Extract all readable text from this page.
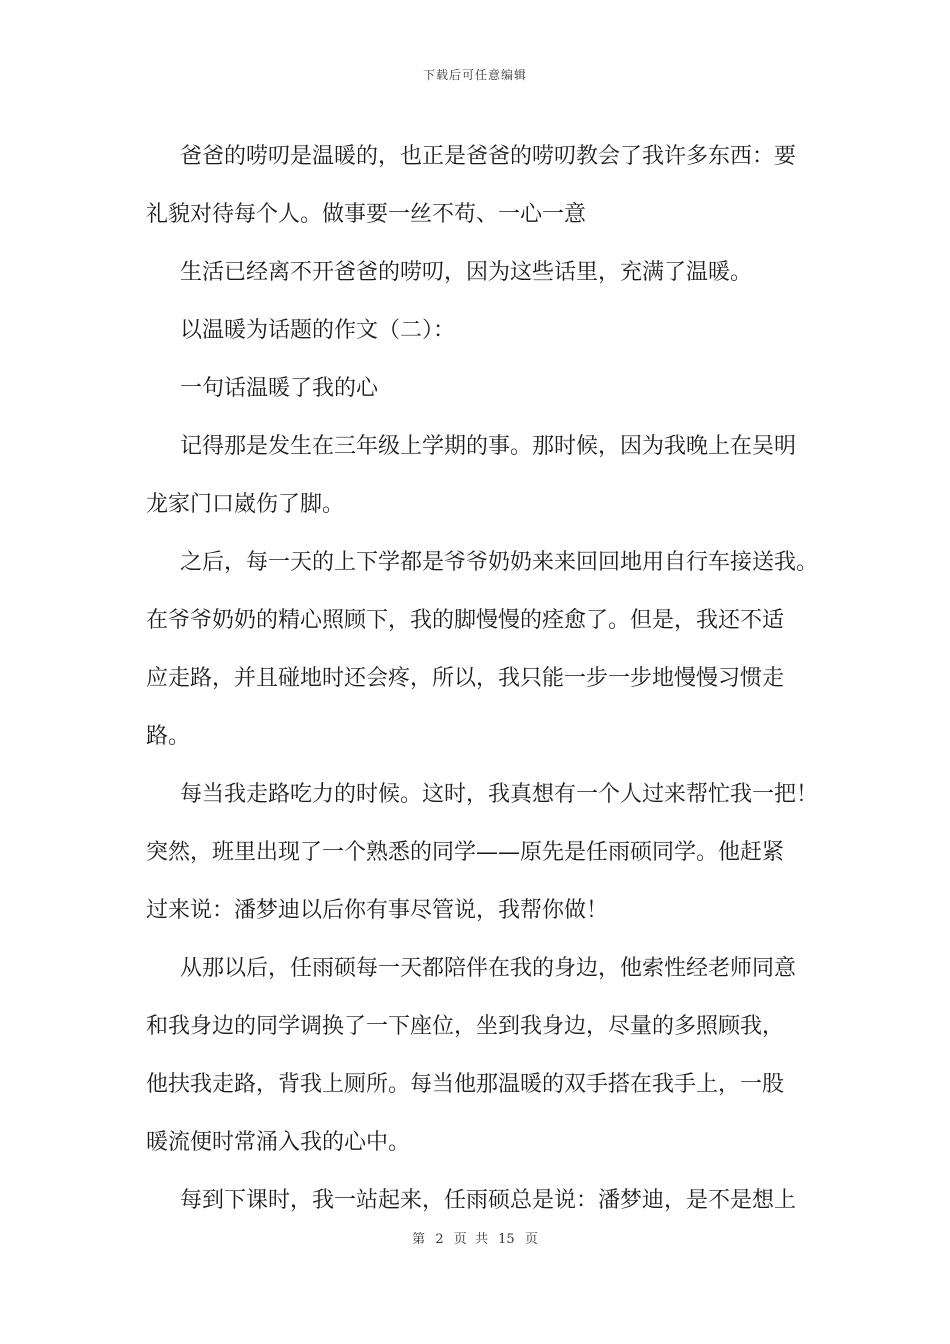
下载后可任意编辑
爸爸的唠叨是温暖的，也正是爸爸的唠叨教会了我许多东西：要
礼貌对待每个人。做事要一丝不苟、一心一意
生活已经离不开爸爸的唠叨，因为这些话里，充满了温暖。
以温暖为话题的作文（二）：
一句话温暖了我的心
记得那是发生在三年级上学期的事。那时候，因为我晚上在吴明
龙家门口崴伤了脚。
之后，每一天的上下学都是爷爷奶奶来来回回地用自行车接送我。
在爷爷奶奶的精心照顾下，我的脚慢慢的痊愈了。但是，我还不适
应走路，并且碰地时还会疼，所以，我只能一步一步地慢慢习惯走
路。
每当我走路吃力的时候。这时，我真想有一个人过来帮忙我一把！
突然，班里出现了一个熟悉的同学——原先是任雨硕同学。他赶紧
过来说：潘梦迪以后你有事尽管说，我帮你做！
从那以后，任雨硕每一天都陪伴在我的身边，他索性经老师同意
和我身边的同学调换了一下座位，坐到我身边，尽量的多照顾我，
他扶我走路，背我上厕所。每当他那温暖的双手搭在我手上，一股
暖流便时常涌入我的心中。
每到下课时，我一站起来，任雨硕总是说：潘梦迪，是不是想上
第 2 页  共 15 页
